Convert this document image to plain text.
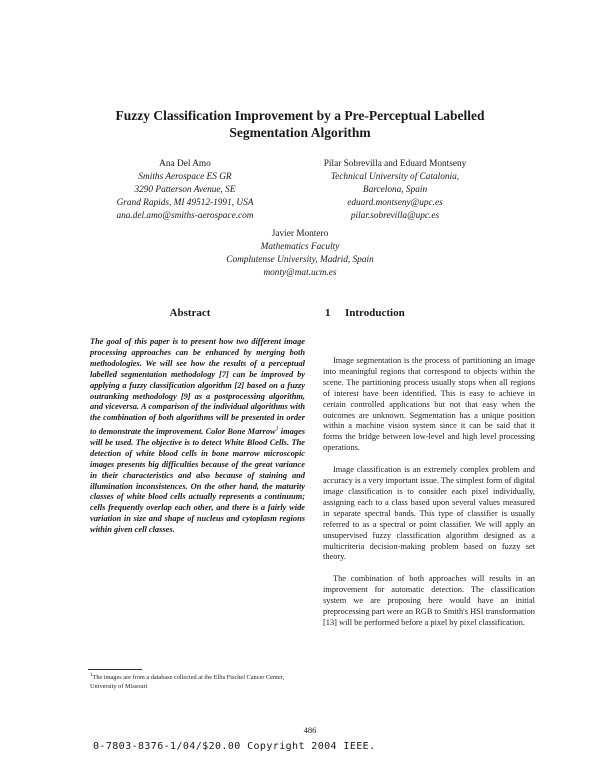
Fuzzy Classification Improvement by a Pre-Perceptual Labelled
Segmentation Algorithm
Ana Del Amo
Smiths Aerospace ES GR
3290 Patterson Avenue, SE
Grand Rapids, MI 49512-1991, USA
ana.del.amo@smiths-aerospace.com
Pilar Sobrevilla and Eduard Montseny
Technical University of Catalonia,
Barcelona, Spain
eduard.montseny@upc.es
pilar.sobrevilla@upc.es
Javier Montero
Mathematics Faculty
Complutense University, Madrid, Spain
monty@mat.ucm.es
Abstract	1 Introduction
The goal of this paper is to present how two different image processing approaches can be enhanced by merging both methodologies. We will see how the results of a perceptual labelled segmentation methodology [7] can be improved by applying a fuzzy classification algorithm [2] based on a fuzzy outranking methodology [9] as a postprocessing algorithm, and viceversa. A comparison of the individual algorithms with the combination of both algorithms will be presented in order to demonstrate the improvement. Color Bone Marrow$^1$ images will be used. The objective is to detect White Blood Cells. The detection of white blood cells in bone marrow microscopic images presents big difficulties because of the great variance in their characteristics and also because of staining and illumination inconsistences. On the other hand, the maturity classes of white blood cells actually represents a continuum; cells frequently overlap each other, and there is a fairly wide variation in size and shape of nucleus and cytoplasm regions within given cell classes.

Image segmentation is the process of partitioning an image into meaningful regions that correspond to objects within the scene. The partitioning process usually stops when all regions of interest have been identified. This is easy to achieve in certain controlled applications but not that easy when the outcomes are unknown. Segmentation has a unique position within a machine vision system since it can be said that it forms the bridge between low-level and high level processing operations.

Image classification is an extremely complex problem and accuracy is a very important issue. The simplest form of digital image classification is to consider each pixel individually, assigning each to a class based upon several values measured in separate spectral bands. This type of classifier is usually referred to as a spectral or point classifier. We will apply an unsupervised fuzzy classification algorithm designed as a multicriteria decision-making problem based on fuzzy set theory.

The combination of both approaches will results in an improvement for automatic detection. The classification system we are proposing here would have an initial preprocessing part were an RGB to Smith's HSI transformation [13] will be performed before a pixel by pixel classification.

$^1$The images are from a database collected at the Ellis Fischel Cancer Center, University of Missouri
486
0-7803-8376-1/04/$20.00 Copyright 2004 IEEE.
